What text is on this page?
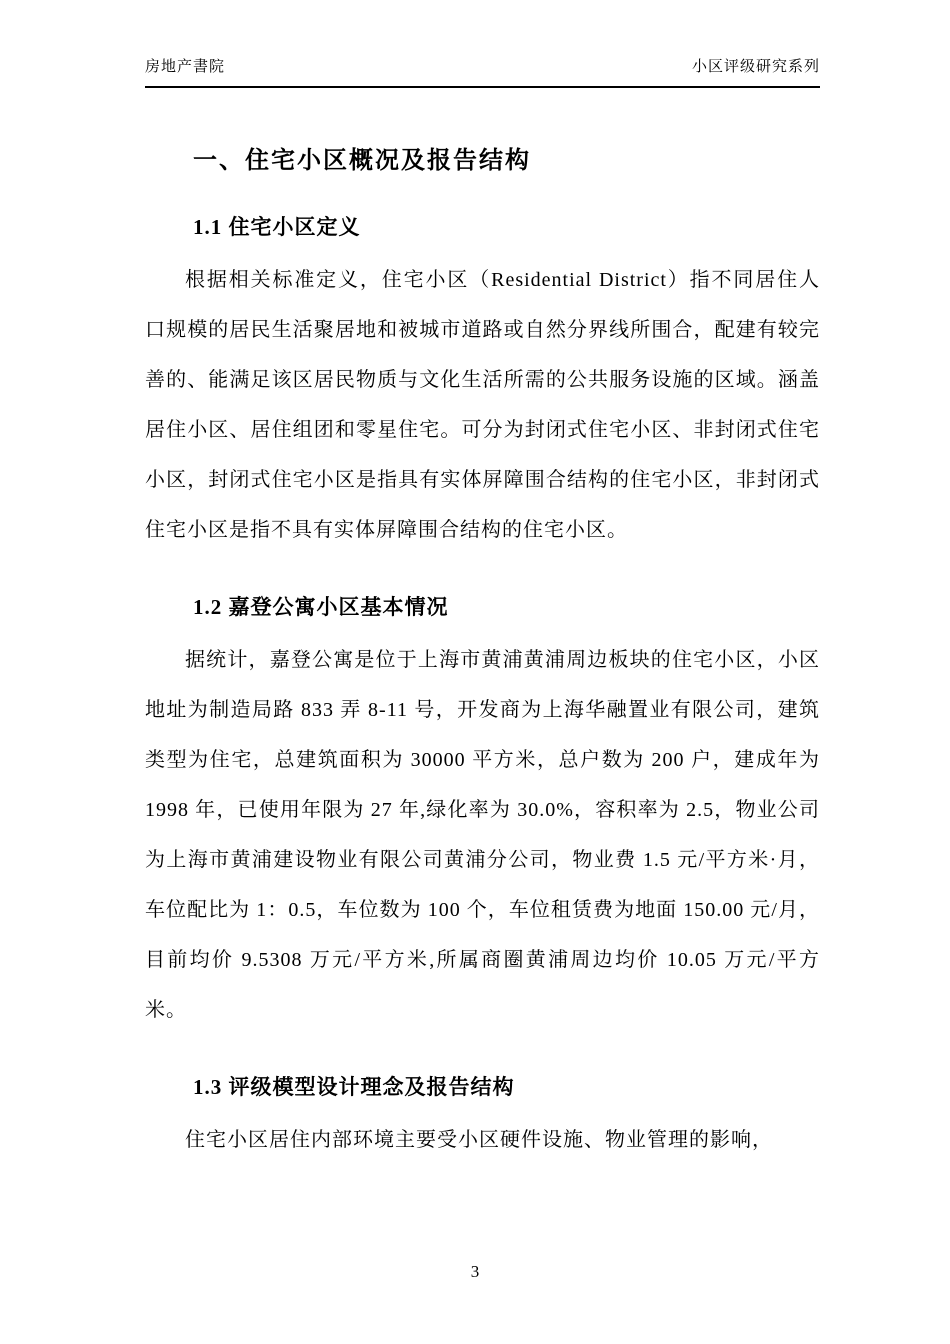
房地产書院	小区评级研究系列
一、住宅小区概况及报告结构
1.1 住宅小区定义

根据相关标准定义，住宅小区（Residential District）指不同居住人口规模的居民生活聚居地和被城市道路或自然分界线所围合，配建有较完善的、能满足该区居民物质与文化生活所需的公共服务设施的区域。涵盖居住小区、居住组团和零星住宅。可分为封闭式住宅小区、非封闭式住宅小区，封闭式住宅小区是指具有实体屏障围合结构的住宅小区，非封闭式住宅小区是指不具有实体屏障围合结构的住宅小区。

1.2 嘉登公寓小区基本情况

据统计，嘉登公寓是位于上海市黄浦黄浦周边板块的住宅小区，小区地址为制造局路 833 弄 8-11 号，开发商为上海华融置业有限公司，建筑类型为住宅，总建筑面积为 30000 平方米，总户数为 200 户，建成年为 1998 年，已使用年限为 27 年,绿化率为 30.0%，容积率为 2.5，物业公司为上海市黄浦建设物业有限公司黄浦分公司，物业费 1.5 元/平方米·月，车位配比为 1：0.5，车位数为 100 个，车位租赁费为地面 150.00 元/月，目前均价 9.5308 万元/平方米,所属商圈黄浦周边均价 10.05 万元/平方米。

1.3 评级模型设计理念及报告结构

住宅小区居住内部环境主要受小区硬件设施、物业管理的影响，

3
